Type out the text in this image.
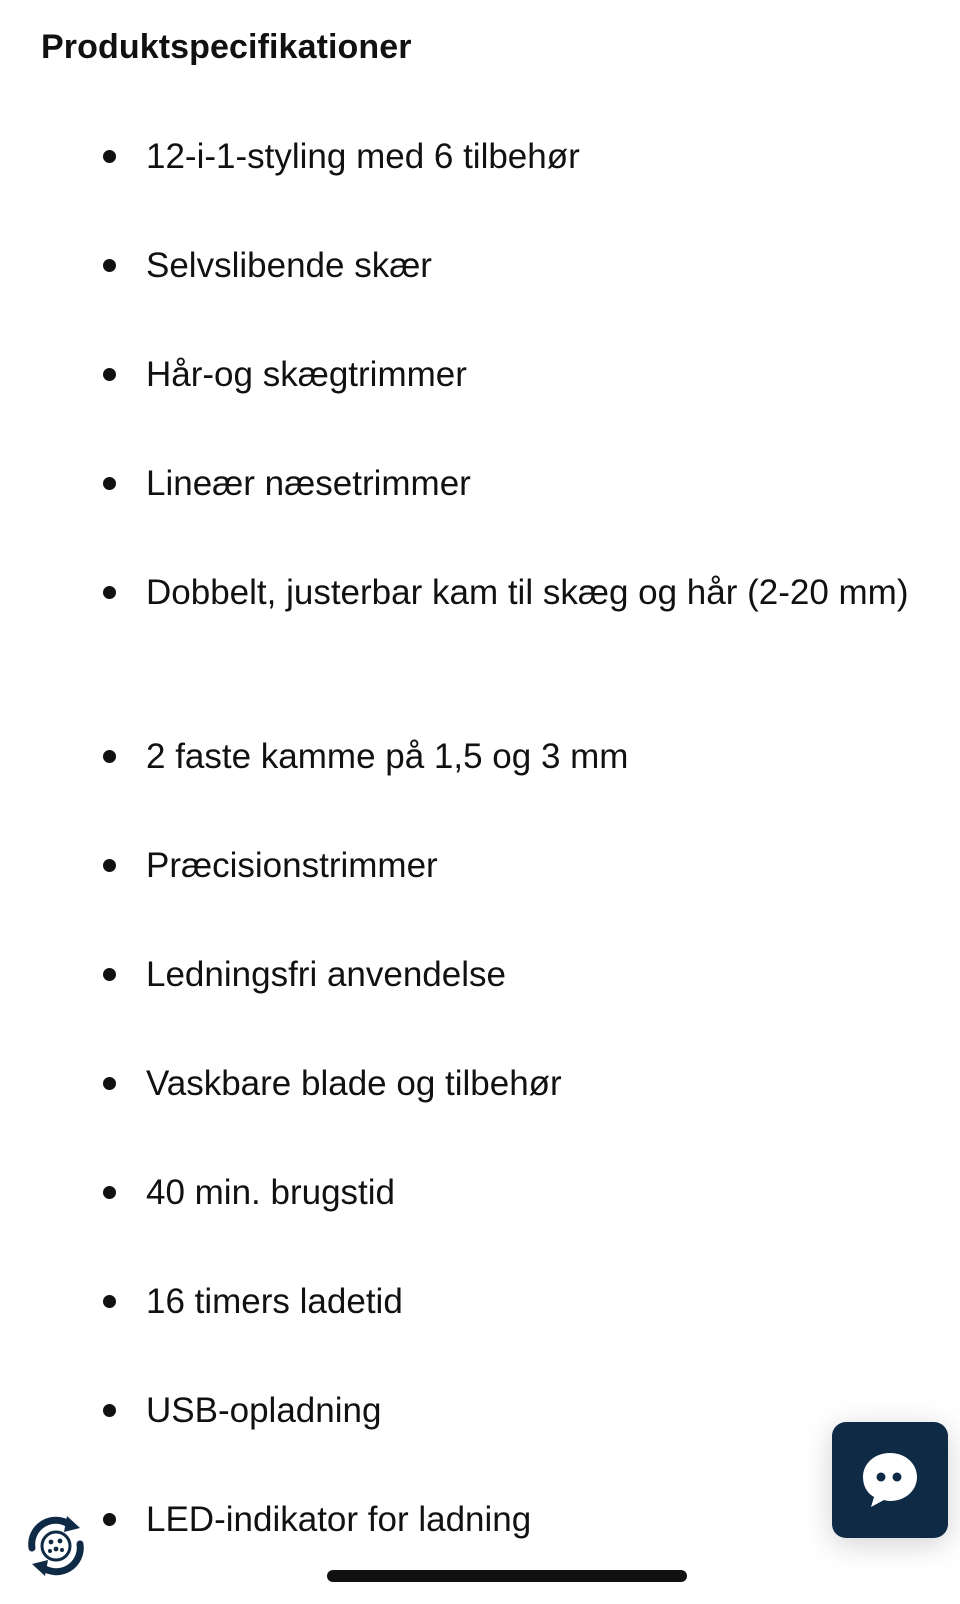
Produktspecifikationer
12-i-1-styling med 6 tilbehør
Selvslibende skær
Hår-og skægtrimmer
Lineær næsetrimmer
Dobbelt, justerbar kam til skæg og hår (2-20 mm)
2 faste kamme på 1,5 og 3 mm
Præcisionstrimmer
Ledningsfri anvendelse
Vaskbare blade og tilbehør
40 min. brugstid
16 timers ladetid
USB-opladning
LED-indikator for ladning
